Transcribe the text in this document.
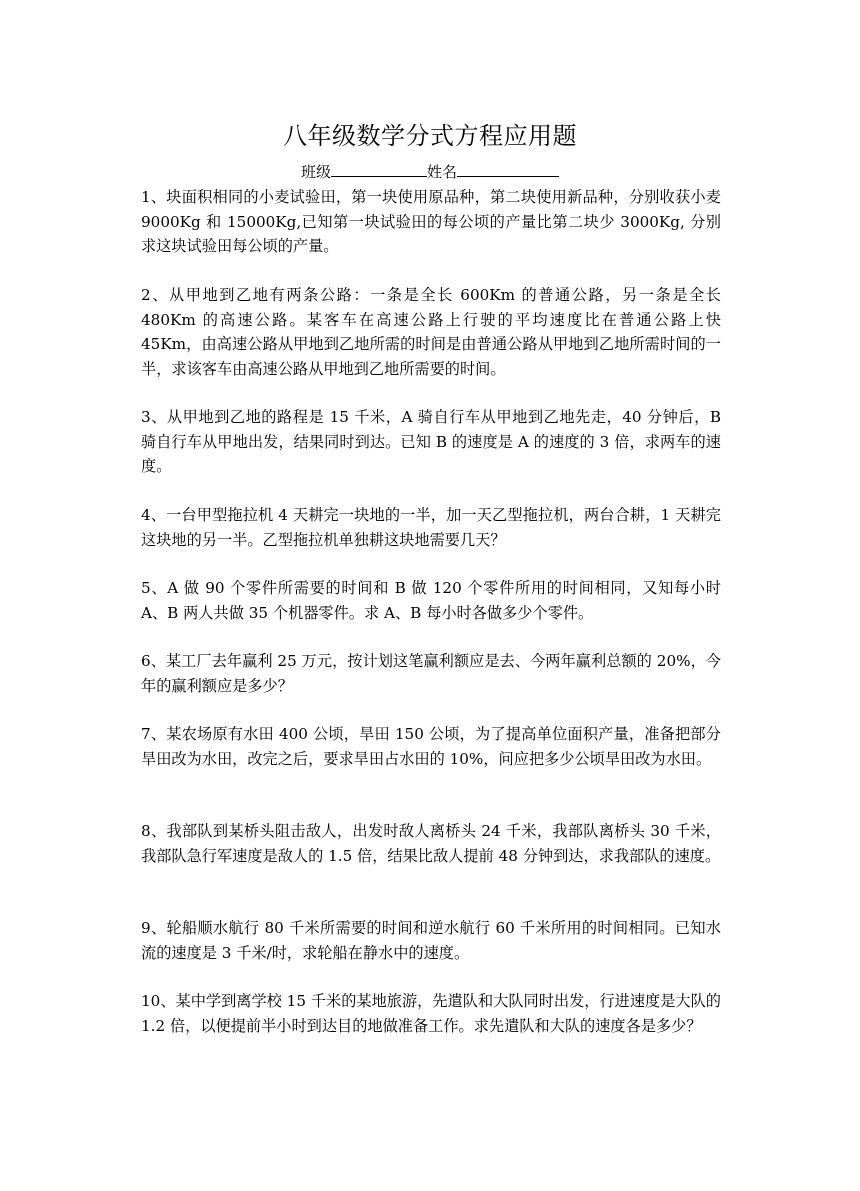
八年级数学分式方程应用题
班级	姓名

1、块面积相同的小麦试验田，第一块使用原品种，第二块使用新品种，分别收获小麦 9000Kg 和 15000Kg,已知第一块试验田的每公顷的产量比第二块少 3000Kg, 分别求这块试验田每公顷的产量。

2、从甲地到乙地有两条公路：一条是全长 600Km 的普通公路，另一条是全长 480Km 的高速公路。某客车在高速公路上行驶的平均速度比在普通公路上快 45Km，由高速公路从甲地到乙地所需的时间是由普通公路从甲地到乙地所需时间的一半，求该客车由高速公路从甲地到乙地所需要的时间。

3、从甲地到乙地的路程是 15 千米，A 骑自行车从甲地到乙地先走，40 分钟后，B 骑自行车从甲地出发，结果同时到达。已知 B 的速度是 A 的速度的 3 倍，求两车的速度。

4、一台甲型拖拉机 4 天耕完一块地的一半，加一天乙型拖拉机，两台合耕，1 天耕完这块地的另一半。乙型拖拉机单独耕这块地需要几天？

5、A 做 90 个零件所需要的时间和 B 做 120 个零件所用的时间相同，又知每小时 A、B 两人共做 35 个机器零件。求 A、B 每小时各做多少个零件。

6、某工厂去年赢利 25 万元，按计划这笔赢利额应是去、今两年赢利总额的 20%，今年的赢利额应是多少？

7、某农场原有水田 400 公顷，旱田 150 公顷，为了提高单位面积产量，准备把部分旱田改为水田，改完之后，要求旱田占水田的 10%，问应把多少公顷旱田改为水田。

8、我部队到某桥头阻击敌人，出发时敌人离桥头 24 千米，我部队离桥头 30 千米，我部队急行军速度是敌人的 1.5 倍，结果比敌人提前 48 分钟到达，求我部队的速度。

9、轮船顺水航行 80 千米所需要的时间和逆水航行 60 千米所用的时间相同。已知水流的速度是 3 千米/时，求轮船在静水中的速度。

10、某中学到离学校 15 千米的某地旅游，先遣队和大队同时出发，行进速度是大队的 1.2 倍，以便提前半小时到达目的地做准备工作。求先遣队和大队的速度各是多少？
